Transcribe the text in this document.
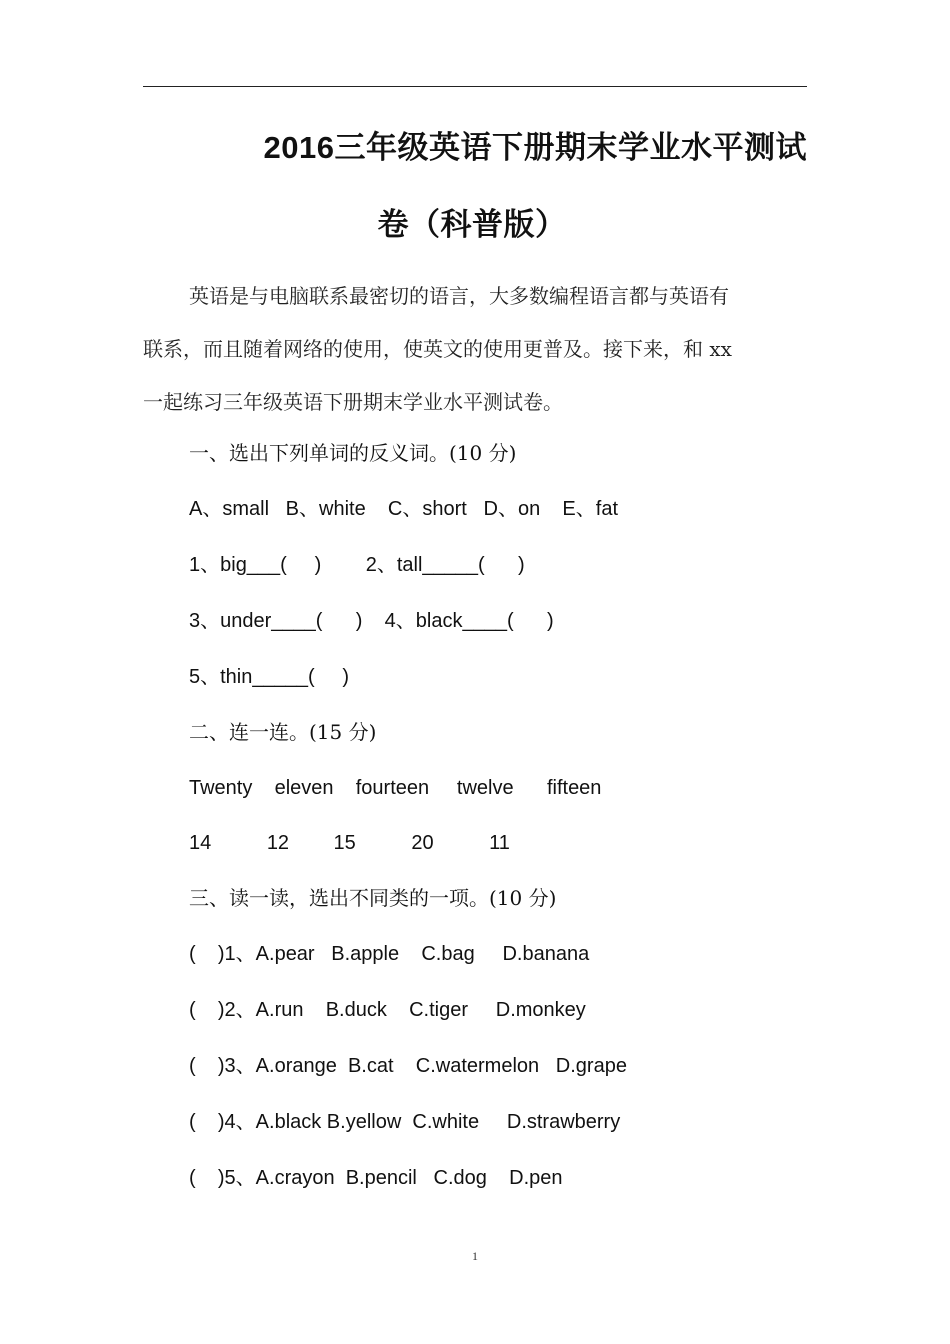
2016三年级英语下册期末学业水平测试
卷（科普版）
英语是与电脑联系最密切的语言，大多数编程语言都与英语有
联系，而且随着网络的使用，使英文的使用更普及。接下来，和 xx
一起练习三年级英语下册期末学业水平测试卷。
一、选出下列单词的反义词。(10 分)
A、small   B、white    C、short   D、on    E、fat
1、big___(     )        2、tall_____(      )
3、under____(      )    4、black____(      )
5、thin_____(     )
二、连一连。(15 分)
Twenty    eleven    fourteen     twelve      fifteen
14          12        15          20          11
三、读一读，选出不同类的一项。(10 分)
(    )1、A.pear   B.apple    C.bag     D.banana
(    )2、A.run    B.duck    C.tiger     D.monkey
(    )3、A.orange  B.cat    C.watermelon   D.grape
(    )4、A.black B.yellow  C.white     D.strawberry
(    )5、A.crayon  B.pencil   C.dog    D.pen
1
